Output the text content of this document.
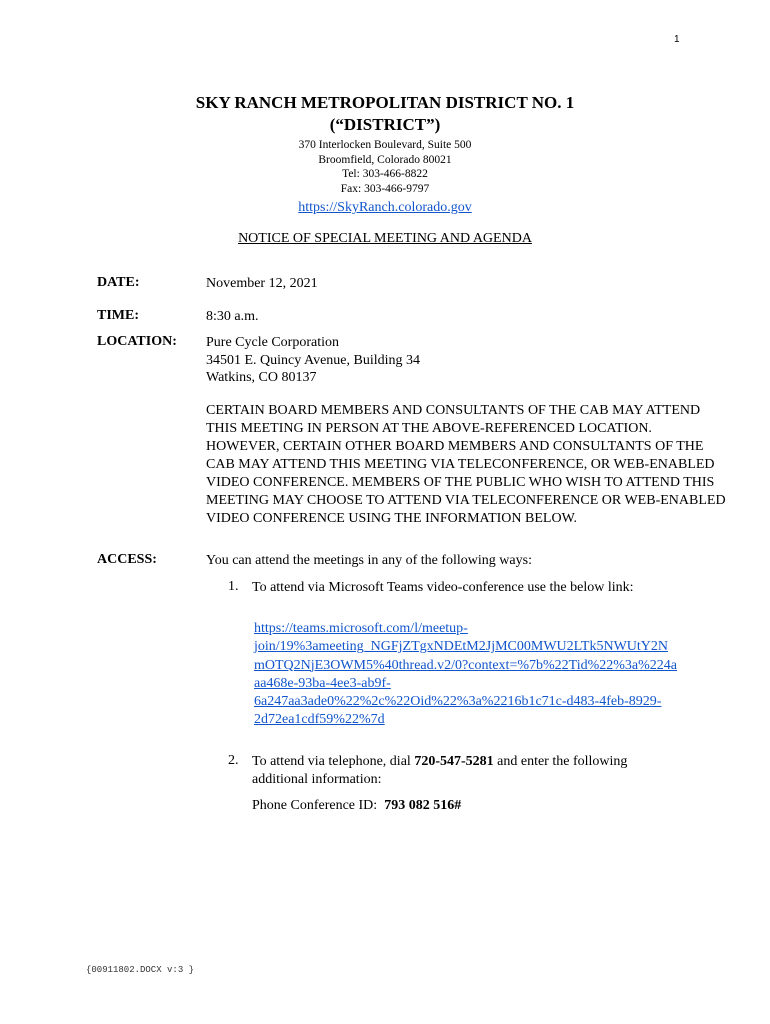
1
SKY RANCH METROPOLITAN DISTRICT NO. 1
(“DISTRICT”)
370 Interlocken Boulevard, Suite 500
Broomfield, Colorado 80021
Tel: 303-466-8822
Fax: 303-466-9797
https://SkyRanch.colorado.gov
NOTICE OF SPECIAL MEETING AND AGENDA
DATE:	November 12, 2021
TIME:	8:30 a.m.
LOCATION: Pure Cycle Corporation
34501 E. Quincy Avenue, Building 34
Watkins, CO 80137
CERTAIN BOARD MEMBERS AND CONSULTANTS OF THE CAB MAY ATTEND THIS MEETING IN PERSON AT THE ABOVE-REFERENCED LOCATION. HOWEVER, CERTAIN OTHER BOARD MEMBERS AND CONSULTANTS OF THE CAB MAY ATTEND THIS MEETING VIA TELECONFERENCE, OR WEB-ENABLED VIDEO CONFERENCE. MEMBERS OF THE PUBLIC WHO WISH TO ATTEND THIS MEETING MAY CHOOSE TO ATTEND VIA TELECONFERENCE OR WEB-ENABLED VIDEO CONFERENCE USING THE INFORMATION BELOW.
ACCESS:	You can attend the meetings in any of the following ways:
1. To attend via Microsoft Teams video-conference use the below link:
https://teams.microsoft.com/l/meetup-
join/19%3ameeting_NGFjZTgxNDEtM2JjMC00MWU2LTk5NWUtY2N
mOTQ2NjE3OWM5%40thread.v2/0?context=%7b%22Tid%22%3a%224a
aa468e-93ba-4ee3-ab9f-
6a247aa3ade0%22%2c%22Oid%22%3a%2216b1c71c-d483-4feb-8929-
2d72ea1cdf59%22%7d
2. To attend via telephone, dial 720-547-5281 and enter the following
additional information:
Phone Conference ID:  793 082 516#
{00911802.DOCX v:3 }
